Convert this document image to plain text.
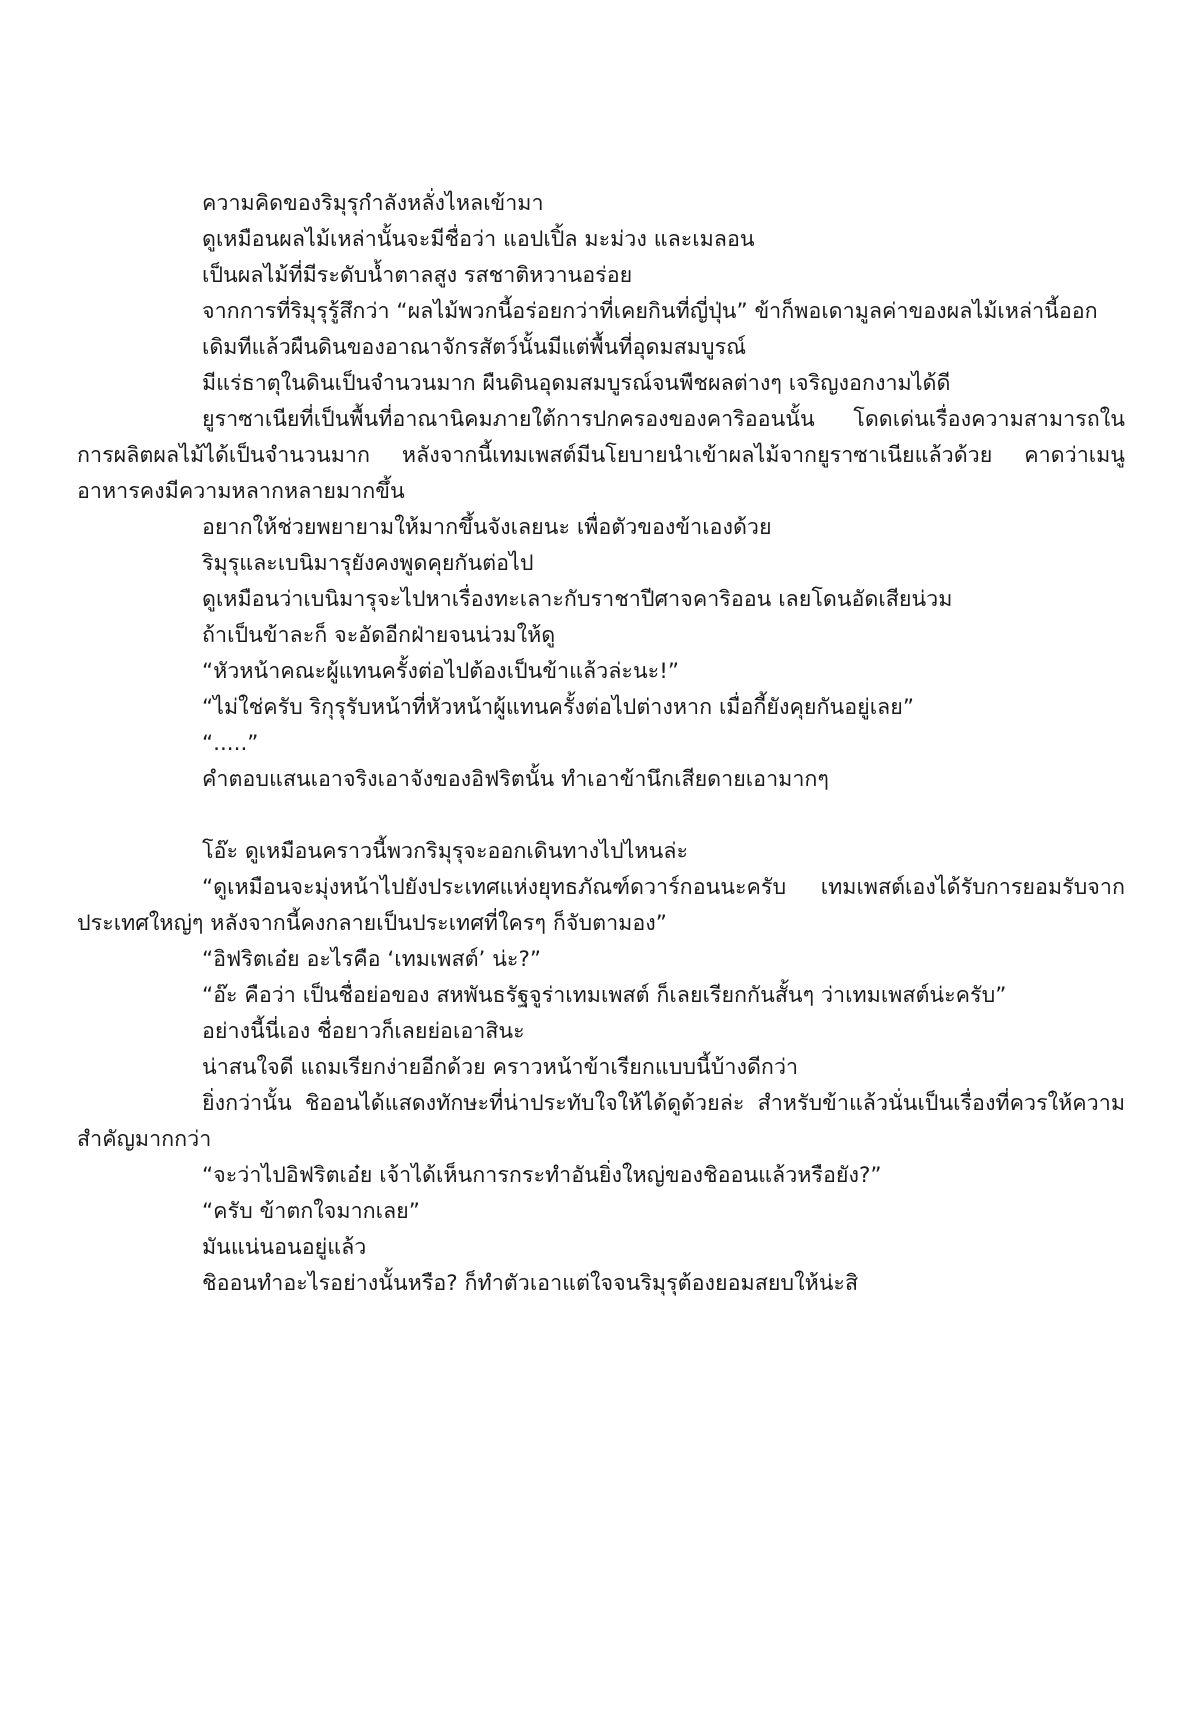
ความคิดของริมุรุกำลังหลั่งไหลเข้ามา

ดูเหมือนผลไม้เหล่านั้นจะมีชื่อว่า แอปเปิ้ล มะม่วง และเมลอน

เป็นผลไม้ที่มีระดับน้ำตาลสูง รสชาติหวานอร่อย

จากการที่ริมุรุรู้สึกว่า “ผลไม้พวกนี้อร่อยกว่าที่เคยกินที่ญี่ปุ่น” ข้าก็พอเดามูลค่าของผลไม้เหล่านี้ออก

เดิมทีแล้วผืนดินของอาณาจักรสัตว์นั้นมีแต่พื้นที่อุดมสมบูรณ์

มีแร่ธาตุในดินเป็นจำนวนมาก ผืนดินอุดมสมบูรณ์จนพืชผลต่างๆ เจริญงอกงามได้ดี

ยูราซาเนียที่เป็นพื้นที่อาณานิคมภายใต้การปกครองของคาริออนนั้น โดดเด่นเรื่องความสามารถในการผลิตผลไม้ได้เป็นจำนวนมาก หลังจากนี้เทมเพสต์มีนโยบายนำเข้าผลไม้จากยูราซาเนียแล้วด้วย คาดว่าเมนูอาหารคงมีความหลากหลายมากขึ้น

อยากให้ช่วยพยายามให้มากขึ้นจังเลยนะ เพื่อตัวของข้าเองด้วย

ริมุรุและเบนิมารุยังคงพูดคุยกันต่อไป

ดูเหมือนว่าเบนิมารุจะไปหาเรื่องทะเลาะกับราชาปีศาจคาริออน เลยโดนอัดเสียน่วม

ถ้าเป็นข้าละก็ จะอัดอีกฝ่ายจนน่วมให้ดู

“หัวหน้าคณะผู้แทนครั้งต่อไปต้องเป็นข้าแล้วล่ะนะ!”

“ไม่ใช่ครับ ริกุรุรับหน้าที่หัวหน้าผู้แทนครั้งต่อไปต่างหาก เมื่อกี้ยังคุยกันอยู่เลย”

“.....”

คำตอบแสนเอาจริงเอาจังของอิฟริตนั้น ทำเอาข้านึกเสียดายเอามากๆ

โอ๊ะ ดูเหมือนคราวนี้พวกริมุรุจะออกเดินทางไปไหนล่ะ

“ดูเหมือนจะมุ่งหน้าไปยังประเทศแห่งยุทธภัณฑ์ดวาร์กอนนะครับ เทมเพสต์เองได้รับการยอมรับจากประเทศใหญ่ๆ หลังจากนี้คงกลายเป็นประเทศที่ใครๆ ก็จับตามอง”

“อิฟริตเอ๋ย อะไรคือ ‘เทมเพสต์’ น่ะ?”

“อ๊ะ คือว่า เป็นชื่อย่อของ สหพันธรัฐจูร่าเทมเพสต์ ก็เลยเรียกกันสั้นๆ ว่าเทมเพสต์น่ะครับ”

อย่างนี้นี่เอง ชื่อยาวก็เลยย่อเอาสินะ

น่าสนใจดี แถมเรียกง่ายอีกด้วย คราวหน้าข้าเรียกแบบนี้บ้างดีกว่า

ยิ่งกว่านั้น ชิออนได้แสดงทักษะที่น่าประทับใจให้ได้ดูด้วยล่ะ สำหรับข้าแล้วนั่นเป็นเรื่องที่ควรให้ความสำคัญมากกว่า

“จะว่าไปอิฟริตเอ๋ย เจ้าได้เห็นการกระทำอันยิ่งใหญ่ของชิออนแล้วหรือยัง?”

“ครับ ข้าตกใจมากเลย”

มันแน่นอนอยู่แล้ว

ชิออนทำอะไรอย่างนั้นหรือ? ก็ทำตัวเอาแต่ใจจนริมุรุต้องยอมสยบให้น่ะสิ
